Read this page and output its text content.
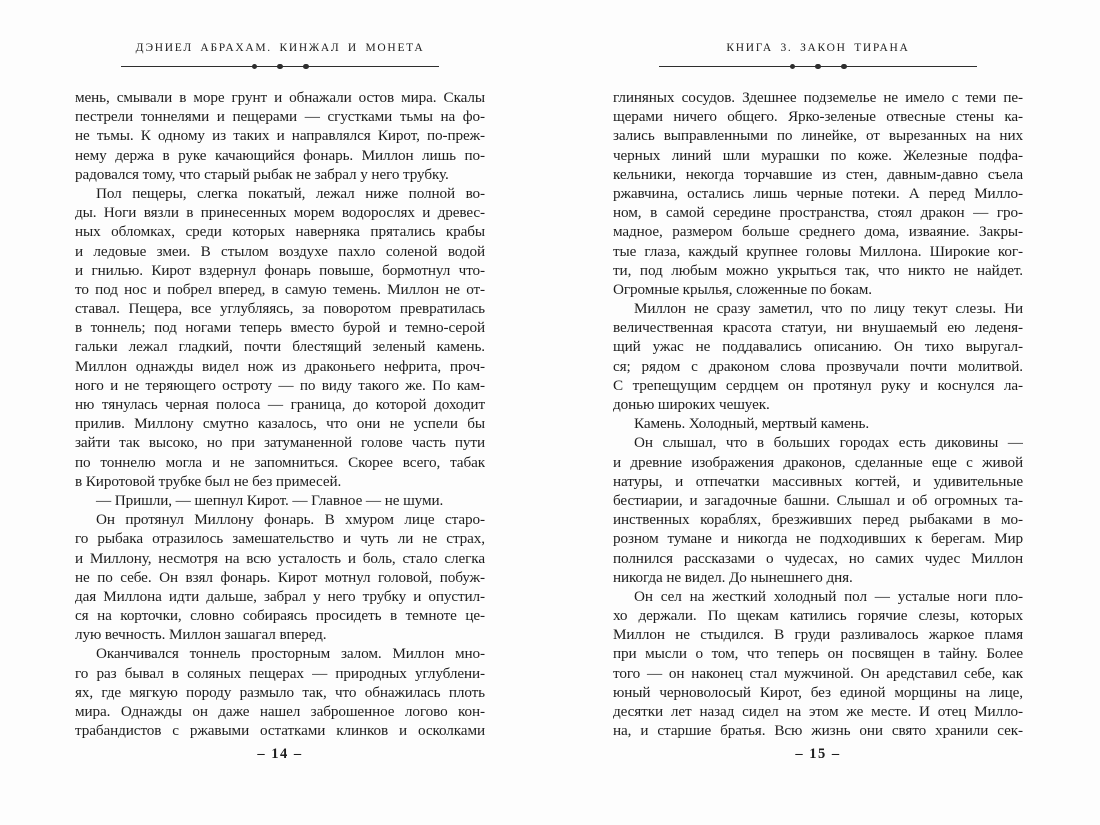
ДЭНИЕЛ АБРАХАМ. КИНЖАЛ И МОНЕТА
мень, смывали в море грунт и обнажали остов мира. Скалы
пестрели тоннелями и пещерами — сгустками тьмы на фо-
не тьмы. К одному из таких и направлялся Кирот, по-преж-
нему держа в руке качающийся фонарь. Миллон лишь по-
радовался тому, что старый рыбак не забрал у него трубку.
Пол пещеры, слегка покатый, лежал ниже полной во-
ды. Ноги вязли в принесенных морем водорослях и древес-
ных обломках, среди которых наверняка прятались крабы
и ледовые змеи. В стылом воздухе пахло соленой водой
и гнилью. Кирот вздернул фонарь повыше, бормотнул что-
то под нос и побрел вперед, в самую темень. Миллон не от-
ставал. Пещера, все углубляясь, за поворотом превратилась
в тоннель; под ногами теперь вместо бурой и темно-серой
гальки лежал гладкий, почти блестящий зеленый камень.
Миллон однажды видел нож из драконьего нефрита, проч-
ного и не теряющего остроту — по виду такого же. По кам-
ню тянулась черная полоса — граница, до которой доходит
прилив. Миллону смутно казалось, что они не успели бы
зайти так высоко, но при затуманенной голове часть пути
по тоннелю могла и не запомниться. Скорее всего, табак
в Киротовой трубке был не без примесей.
— Пришли, — шепнул Кирот. — Главное — не шуми.
Он протянул Миллону фонарь. В хмуром лице старо-
го рыбака отразилось замешательство и чуть ли не страх,
и Миллону, несмотря на всю усталость и боль, стало слегка
не по себе. Он взял фонарь. Кирот мотнул головой, побуж-
дая Миллона идти дальше, забрал у него трубку и опустил-
ся на корточки, словно собираясь просидеть в темноте це-
лую вечность. Миллон зашагал вперед.
Оканчивался тоннель просторным залом. Миллон мно-
го раз бывал в соляных пещерах — природных углублени-
ях, где мягкую породу размыло так, что обнажилась плоть
мира. Однажды он даже нашел заброшенное логово кон-
трабандистов с ржавыми остатками клинков и осколками
– 14 –
КНИГА 3. ЗАКОН ТИРАНА
глиняных сосудов. Здешнее подземелье не имело с теми пе-
щерами ничего общего. Ярко-зеленые отвесные стены ка-
зались выправленными по линейке, от вырезанных на них
черных линий шли мурашки по коже. Железные подфа-
кельники, некогда торчавшие из стен, давным-давно съела
ржавчина, остались лишь черные потеки. А перед Милло-
ном, в самой середине пространства, стоял дракон — гро-
мадное, размером больше среднего дома, изваяние. Закры-
тые глаза, каждый крупнее головы Миллона. Широкие ког-
ти, под любым можно укрыться так, что никто не найдет.
Огромные крылья, сложенные по бокам.
Миллон не сразу заметил, что по лицу текут слезы. Ни
величественная красота статуи, ни внушаемый ею леденя-
щий ужас не поддавались описанию. Он тихо выругал-
ся; рядом с драконом слова прозвучали почти молитвой.
С трепещущим сердцем он протянул руку и коснулся ла-
донью широких чешуек.
Камень. Холодный, мертвый камень.
Он слышал, что в больших городах есть диковины —
и древние изображения драконов, сделанные еще с живой
натуры, и отпечатки массивных когтей, и удивительные
бестиарии, и загадочные башни. Слышал и об огромных та-
инственных кораблях, брезживших перед рыбаками в мо-
розном тумане и никогда не подходивших к берегам. Мир
полнился рассказами о чудесах, но самих чудес Миллон
никогда не видел. До нынешнего дня.
Он сел на жесткий холодный пол — усталые ноги пло-
хо держали. По щекам катились горячие слезы, которых
Миллон не стыдился. В груди разливалось жаркое пламя
при мысли о том, что теперь он посвящен в тайну. Более
того — он наконец стал мужчиной. Он аредставил себе, как
юный черноволосый Кирот, без единой морщины на лице,
десятки лет назад сидел на этом же месте. И отец Милло-
на, и старшие братья. Всю жизнь они свято хранили сек-
– 15 –
